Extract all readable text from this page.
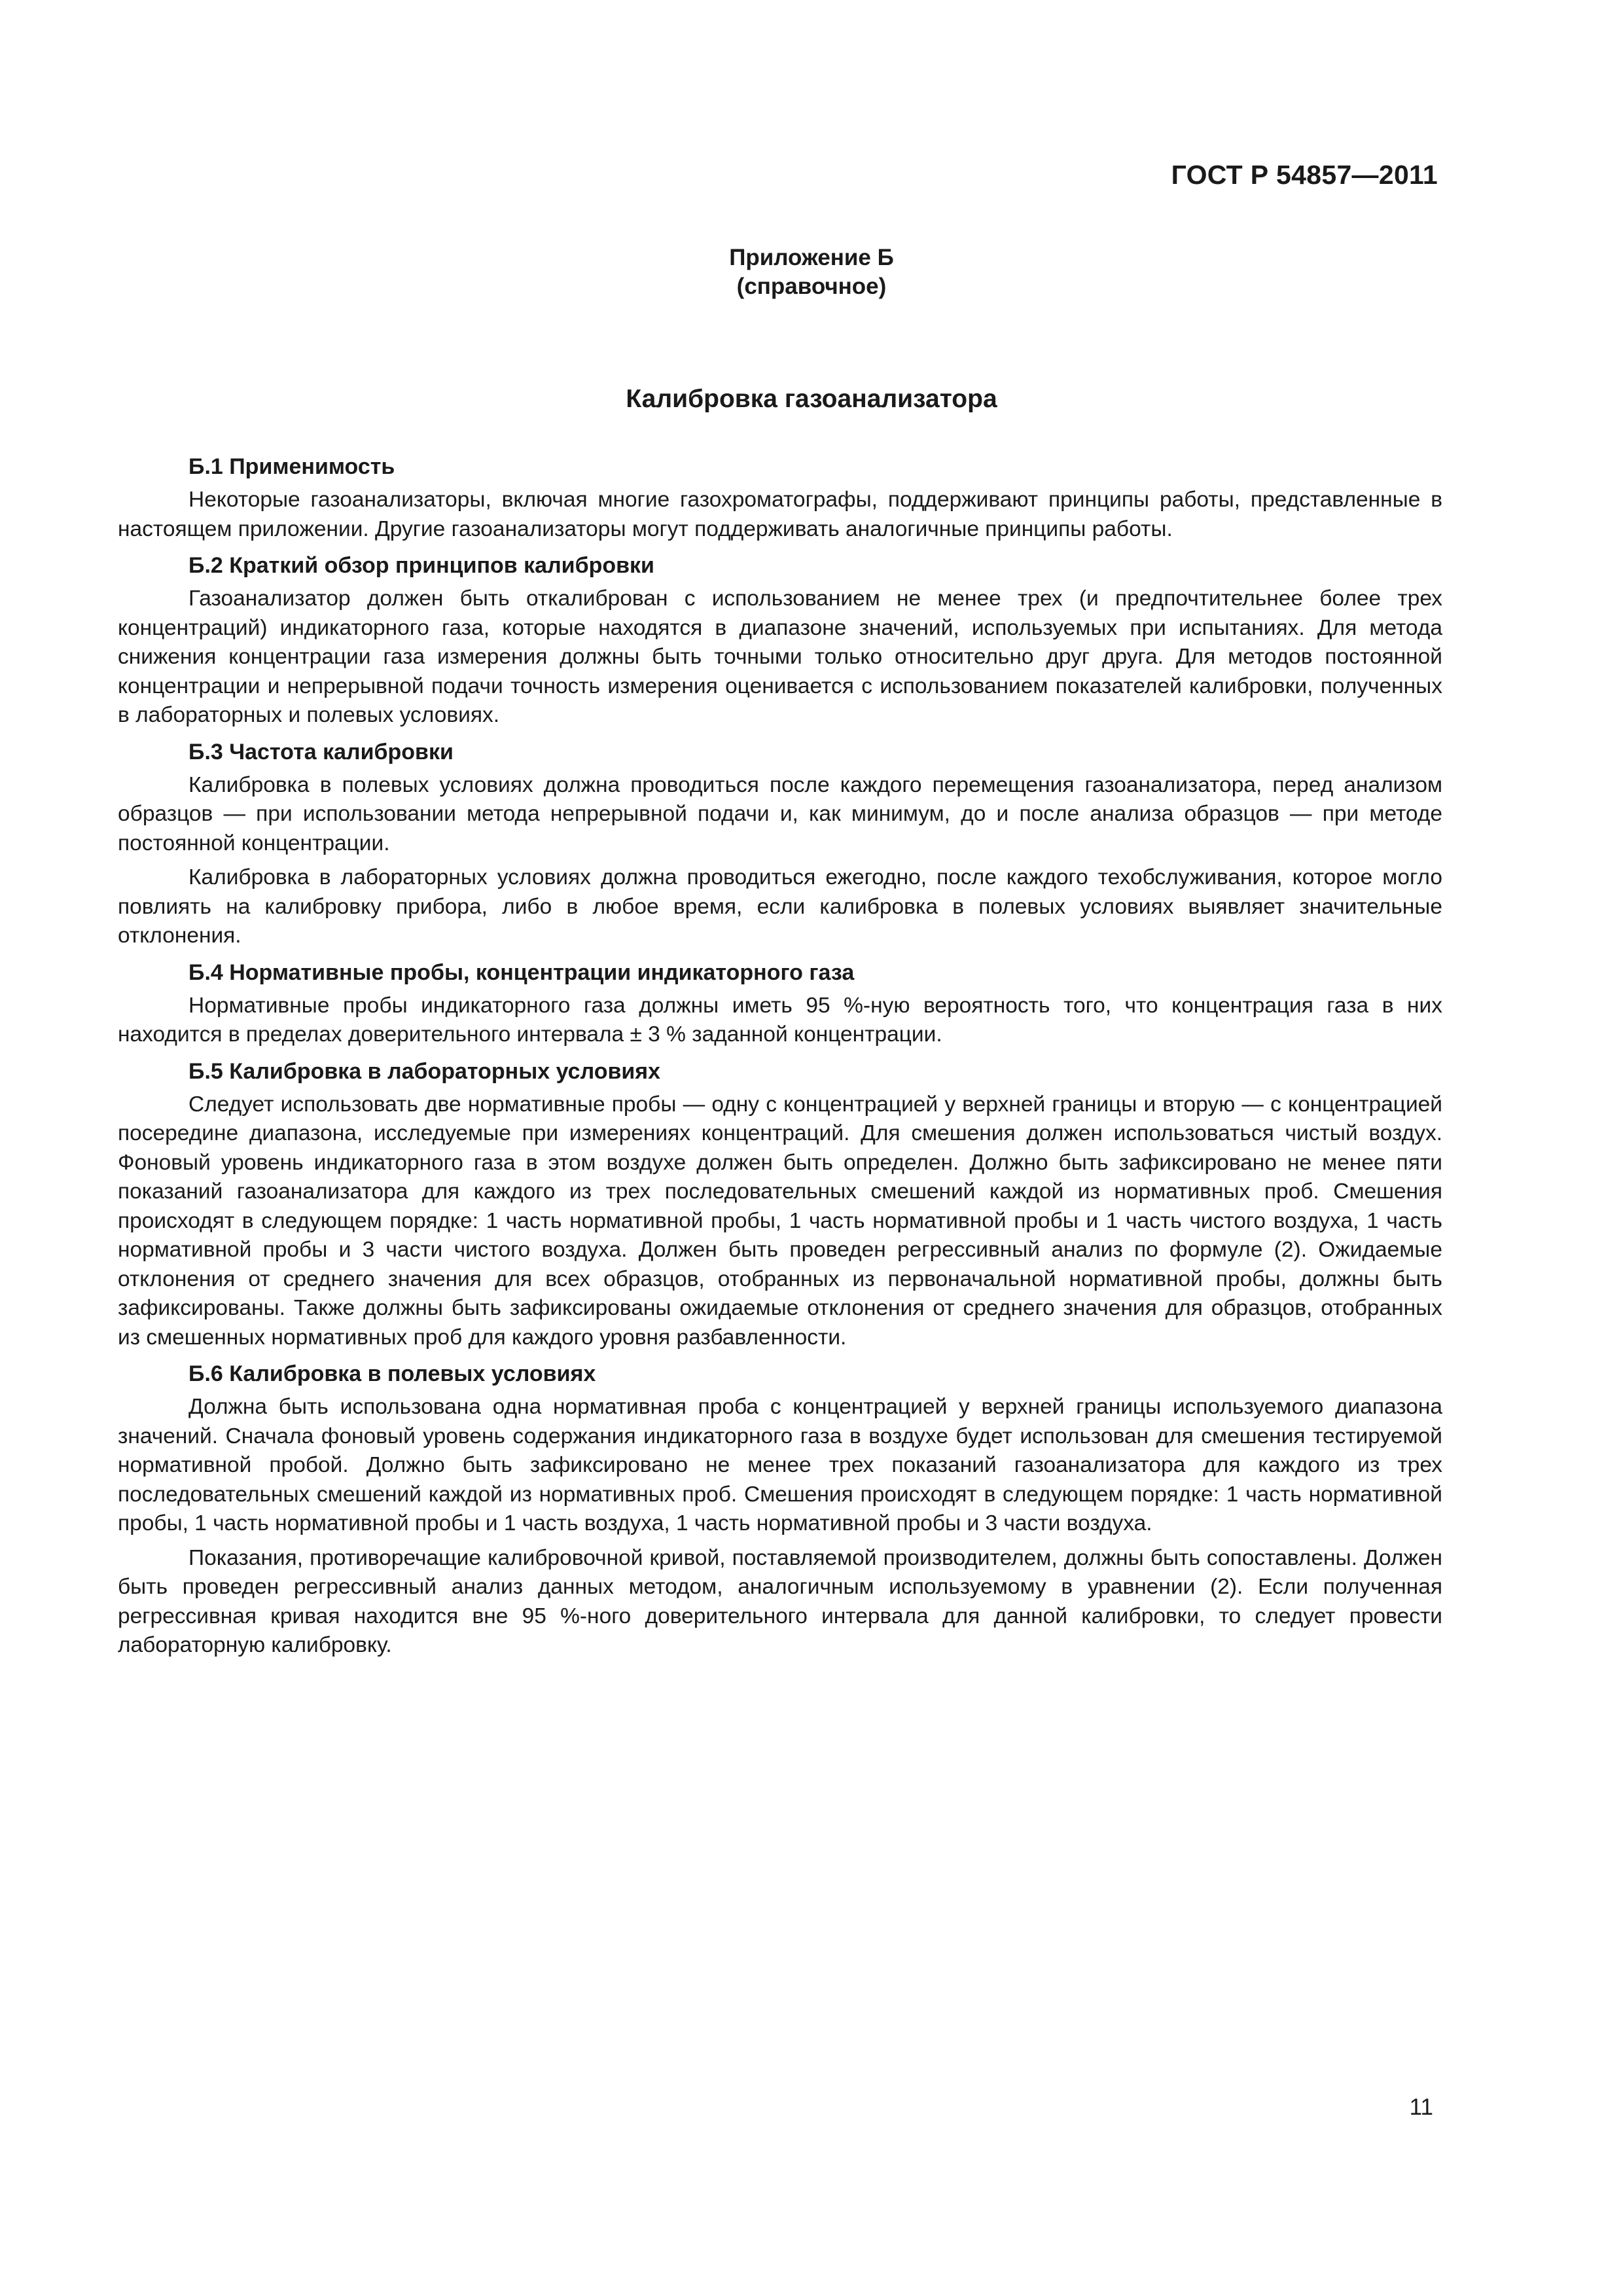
ГОСТ Р 54857—2011
Приложение Б
(справочное)
Калибровка газоанализатора
Б.1 Применимость

Некоторые газоанализаторы, включая многие газохроматографы, поддерживают принципы работы, представленные в настоящем приложении. Другие газоанализаторы могут поддерживать аналогичные принципы работы.

Б.2 Краткий обзор принципов калибровки

Газоанализатор должен быть откалиброван с использованием не менее трех (и предпочтительнее более трех концентраций) индикаторного газа, которые находятся в диапазоне значений, используемых при испытаниях. Для метода снижения концентрации газа измерения должны быть точными только относительно друг друга. Для методов постоянной концентрации и непрерывной подачи точность измерения оценивается с использованием показателей калибровки, полученных в лабораторных и полевых условиях.

Б.3 Частота калибровки

Калибровка в полевых условиях должна проводиться после каждого перемещения газоанализатора, перед анализом образцов — при использовании метода непрерывной подачи и, как минимум, до и после анализа образцов — при методе постоянной концентрации.

Калибровка в лабораторных условиях должна проводиться ежегодно, после каждого техобслуживания, которое могло повлиять на калибровку прибора, либо в любое время, если калибровка в полевых условиях выявляет значительные отклонения.

Б.4 Нормативные пробы, концентрации индикаторного газа

Нормативные пробы индикаторного газа должны иметь 95 %-ную вероятность того, что концентрация газа в них находится в пределах доверительного интервала ± 3 % заданной концентрации.

Б.5 Калибровка в лабораторных условиях

Следует использовать две нормативные пробы — одну с концентрацией у верхней границы и вторую — с концентрацией посередине диапазона, исследуемые при измерениях концентраций. Для смешения должен использоваться чистый воздух. Фоновый уровень индикаторного газа в этом воздухе должен быть определен. Должно быть зафиксировано не менее пяти показаний газоанализатора для каждого из трех последовательных смешений каждой из нормативных проб. Смешения происходят в следующем порядке: 1 часть нормативной пробы, 1 часть нормативной пробы и 1 часть чистого воздуха, 1 часть нормативной пробы и 3 части чистого воздуха. Должен быть проведен регрессивный анализ по формуле (2). Ожидаемые отклонения от среднего значения для всех образцов, отобранных из первоначальной нормативной пробы, должны быть зафиксированы. Также должны быть зафиксированы ожидаемые отклонения от среднего значения для образцов, отобранных из смешенных нормативных проб для каждого уровня разбавленности.

Б.6 Калибровка в полевых условиях

Должна быть использована одна нормативная проба с концентрацией у верхней границы используемого диапазона значений. Сначала фоновый уровень содержания индикаторного газа в воздухе будет использован для смешения тестируемой нормативной пробой. Должно быть зафиксировано не менее трех показаний газоанализатора для каждого из трех последовательных смешений каждой из нормативных проб. Смешения происходят в следующем порядке: 1 часть нормативной пробы, 1 часть нормативной пробы и 1 часть воздуха, 1 часть нормативной пробы и 3 части воздуха.

Показания, противоречащие калибровочной кривой, поставляемой производителем, должны быть сопоставлены. Должен быть проведен регрессивный анализ данных методом, аналогичным используемому в уравнении (2). Если полученная регрессивная кривая находится вне 95 %-ного доверительного интервала для данной калибровки, то следует провести лабораторную калибровку.

11
